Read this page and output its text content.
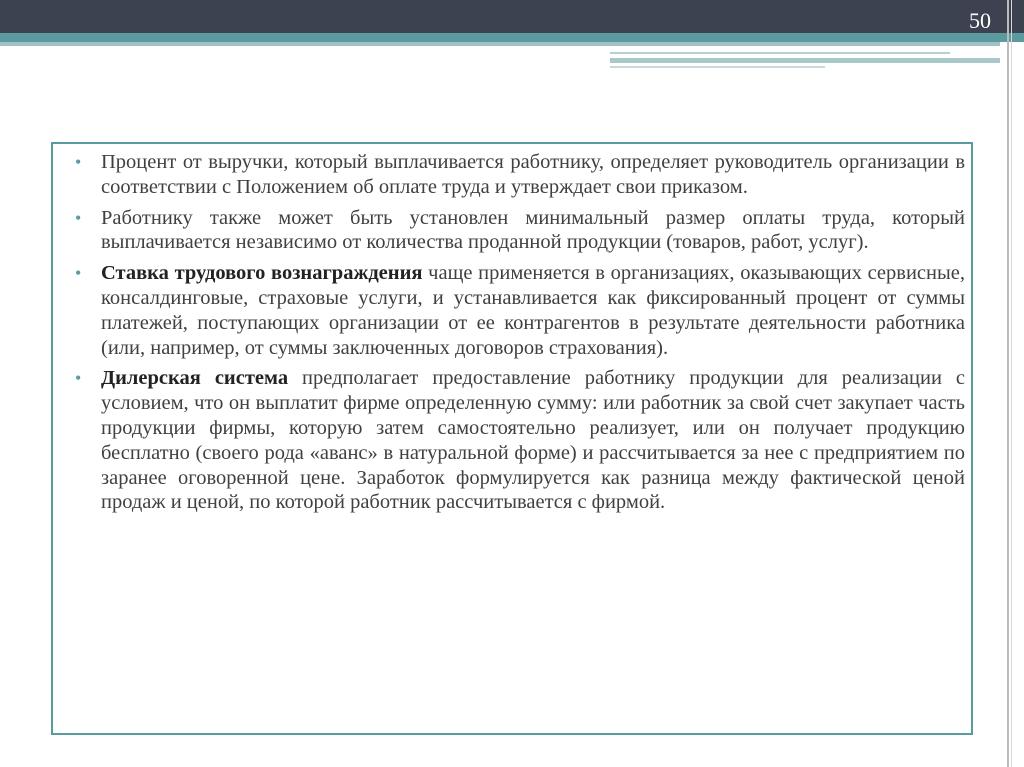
50
• Процент от выручки, который выплачивается работнику, определяет руководитель организации в соответствии с Положением об оплате труда и утверждает свои приказом.
• Работнику также может быть установлен минимальный размер оплаты труда, который выплачивается независимо от количества проданной продукции (товаров, работ, услуг).
• Ставка трудового вознаграждения чаще применяется в организациях, оказывающих сервисные, консалдинговые, страховые услуги, и устанавливается как фиксированный процент от суммы платежей, поступающих организации от ее контрагентов в результате деятельности работника (или, например, от суммы заключенных договоров страхования).
• Дилерская система предполагает предоставление работнику продукции для реализации с условием, что он выплатит фирме определенную сумму: или работник за свой счет закупает часть продукции фирмы, которую затем самостоятельно реализует, или он получает продукцию бесплатно (своего рода «аванс» в натуральной форме) и рассчитывается за нее с предприятием по заранее оговоренной цене. Заработок формулируется как разница между фактической ценой продаж и ценой, по которой работник рассчитывается с фирмой.
